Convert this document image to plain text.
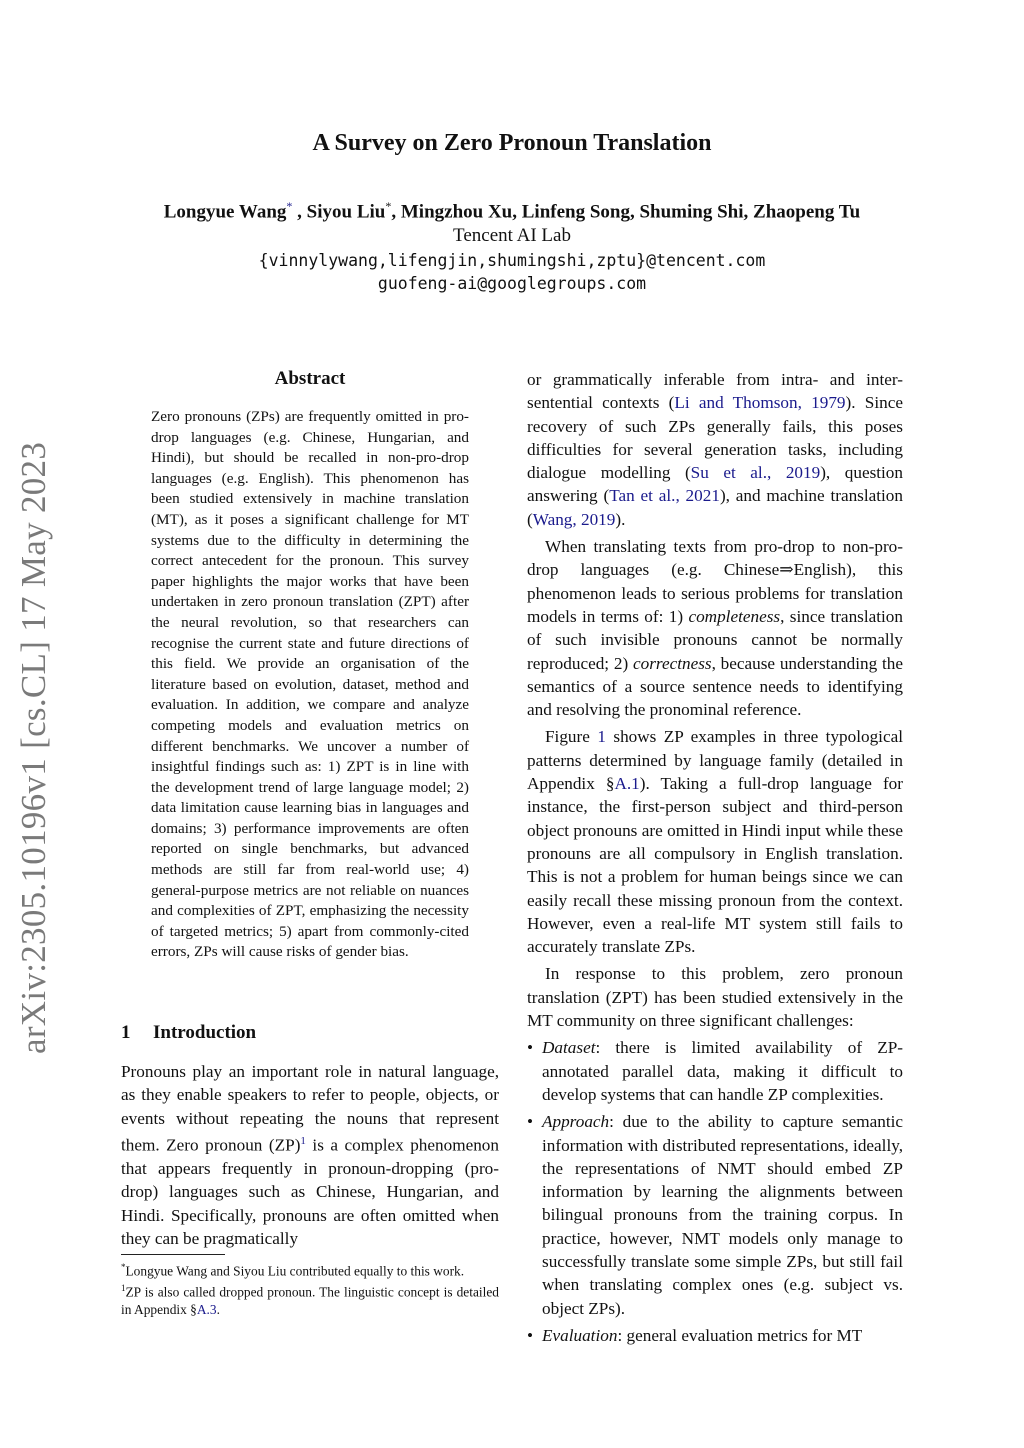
A Survey on Zero Pronoun Translation
Longyue Wang* , Siyou Liu*, Mingzhou Xu, Linfeng Song, Shuming Shi, Zhaopeng Tu
Tencent AI Lab
{vinnylywang,lifengjin,shumingshi,zptu}@tencent.com
guofeng-ai@googlegroups.com
arXiv:2305.10196v1 [cs.CL] 17 May 2023
Abstract
Zero pronouns (ZPs) are frequently omitted in pro-drop languages (e.g. Chinese, Hungarian, and Hindi), but should be recalled in non-pro-drop languages (e.g. English). This phenomenon has been studied extensively in machine translation (MT), as it poses a significant challenge for MT systems due to the difficulty in determining the correct antecedent for the pronoun. This survey paper highlights the major works that have been undertaken in zero pronoun translation (ZPT) after the neural revolution, so that researchers can recognise the current state and future directions of this field. We provide an organisation of the literature based on evolution, dataset, method and evaluation. In addition, we compare and analyze competing models and evaluation metrics on different benchmarks. We uncover a number of insightful findings such as: 1) ZPT is in line with the development trend of large language model; 2) data limitation cause learning bias in languages and domains; 3) performance improvements are often reported on single benchmarks, but advanced methods are still far from real-world use; 4) general-purpose metrics are not reliable on nuances and complexities of ZPT, emphasizing the necessity of targeted metrics; 5) apart from commonly-cited errors, ZPs will cause risks of gender bias.
1 Introduction

Pronouns play an important role in natural language, as they enable speakers to refer to people, objects, or events without repeating the nouns that represent them. Zero pronoun (ZP)$^1$ is a complex phenomenon that appears frequently in pronoun-dropping (pro-drop) languages such as Chinese, Hungarian, and Hindi. Specifically, pronouns are often omitted when they can be pragmatically

*Longyue Wang and Siyou Liu contributed equally to this work.

$^1$ZP is also called dropped pronoun. The linguistic concept is detailed in Appendix §A.3.

or grammatically inferable from intra- and inter-sentential contexts (Li and Thomson, 1979). Since recovery of such ZPs generally fails, this poses difficulties for several generation tasks, including dialogue modelling (Su et al., 2019), question answering (Tan et al., 2021), and machine translation (Wang, 2019).

When translating texts from pro-drop to non-pro-drop languages (e.g. Chinese⇒English), this phenomenon leads to serious problems for translation models in terms of: 1) completeness, since translation of such invisible pronouns cannot be normally reproduced; 2) correctness, because understanding the semantics of a source sentence needs to identifying and resolving the pronominal reference.

Figure 1 shows ZP examples in three typological patterns determined by language family (detailed in Appendix §A.1). Taking a full-drop language for instance, the first-person subject and third-person object pronouns are omitted in Hindi input while these pronouns are all compulsory in English translation. This is not a problem for human beings since we can easily recall these missing pronoun from the context. However, even a real-life MT system still fails to accurately translate ZPs.

In response to this problem, zero pronoun translation (ZPT) has been studied extensively in the MT community on three significant challenges:

• Dataset: there is limited availability of ZP-annotated parallel data, making it difficult to develop systems that can handle ZP complexities.
• Approach: due to the ability to capture semantic information with distributed representations, ideally, the representations of NMT should embed ZP information by learning the alignments between bilingual pronouns from the training corpus. In practice, however, NMT models only manage to successfully translate some simple ZPs, but still fail when translating complex ones (e.g. subject vs. object ZPs).
• Evaluation: general evaluation metrics for MT
